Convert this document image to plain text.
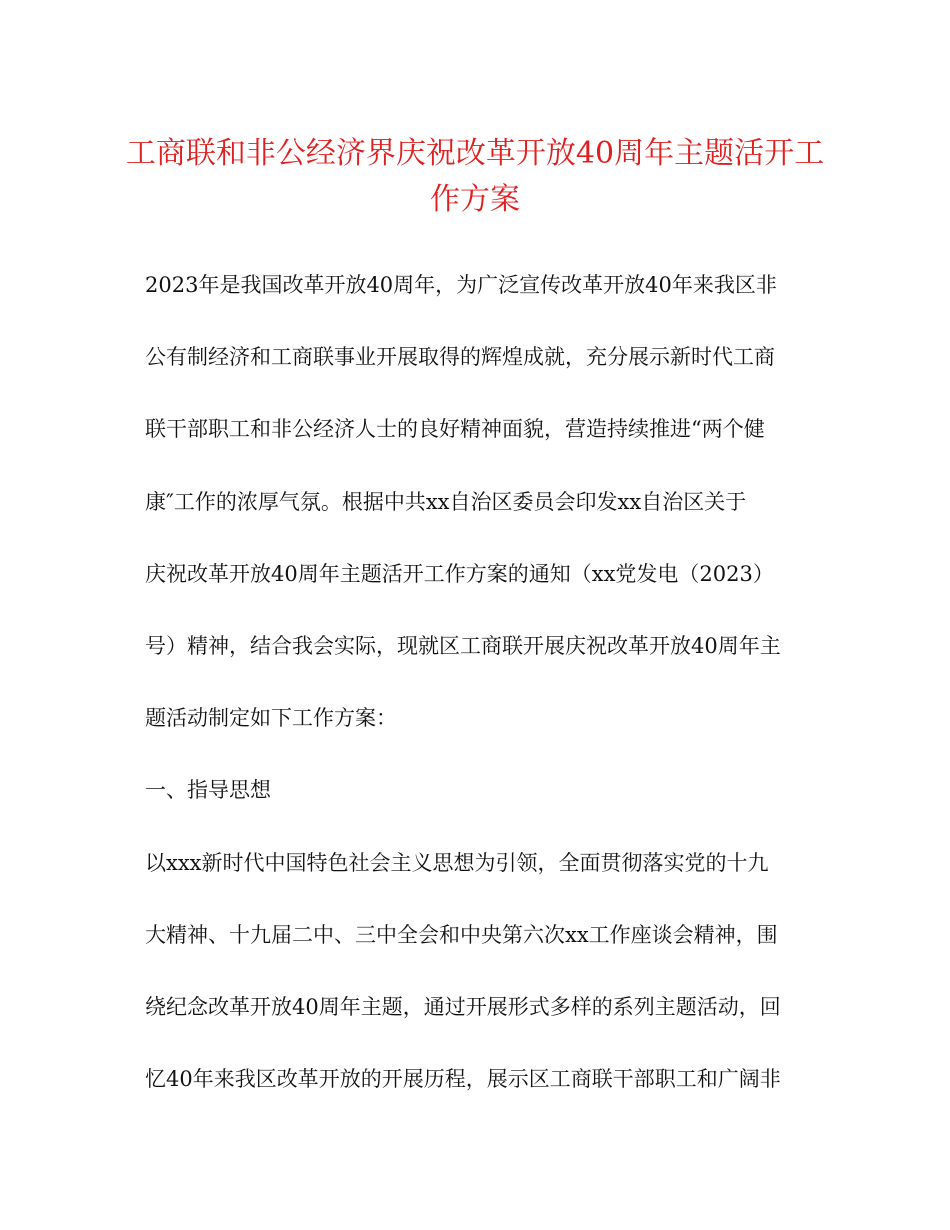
工商联和非公经济界庆祝改革开放40周年主题活开工
作方案
2023年是我国改革开放40周年，为广泛宣传改革开放40年来我区非
公有制经济和工商联事业开展取得的辉煌成就，充分展示新时代工商
联干部职工和非公经济人士的良好精神面貌，营造持续推进“两个健
康″工作的浓厚气氛。根据中共xx自治区委员会印发xx自治区关于
庆祝改革开放40周年主题活开工作方案的通知（xx党发电（2023）
号）精神，结合我会实际，现就区工商联开展庆祝改革开放40周年主
题活动制定如下工作方案：
一、指导思想
以xxx新时代中国特色社会主义思想为引领，全面贯彻落实党的十九
大精神、十九届二中、三中全会和中央第六次xx工作座谈会精神，围
绕纪念改革开放40周年主题，通过开展形式多样的系列主题活动，回
忆40年来我区改革开放的开展历程，展示区工商联干部职工和广阔非
